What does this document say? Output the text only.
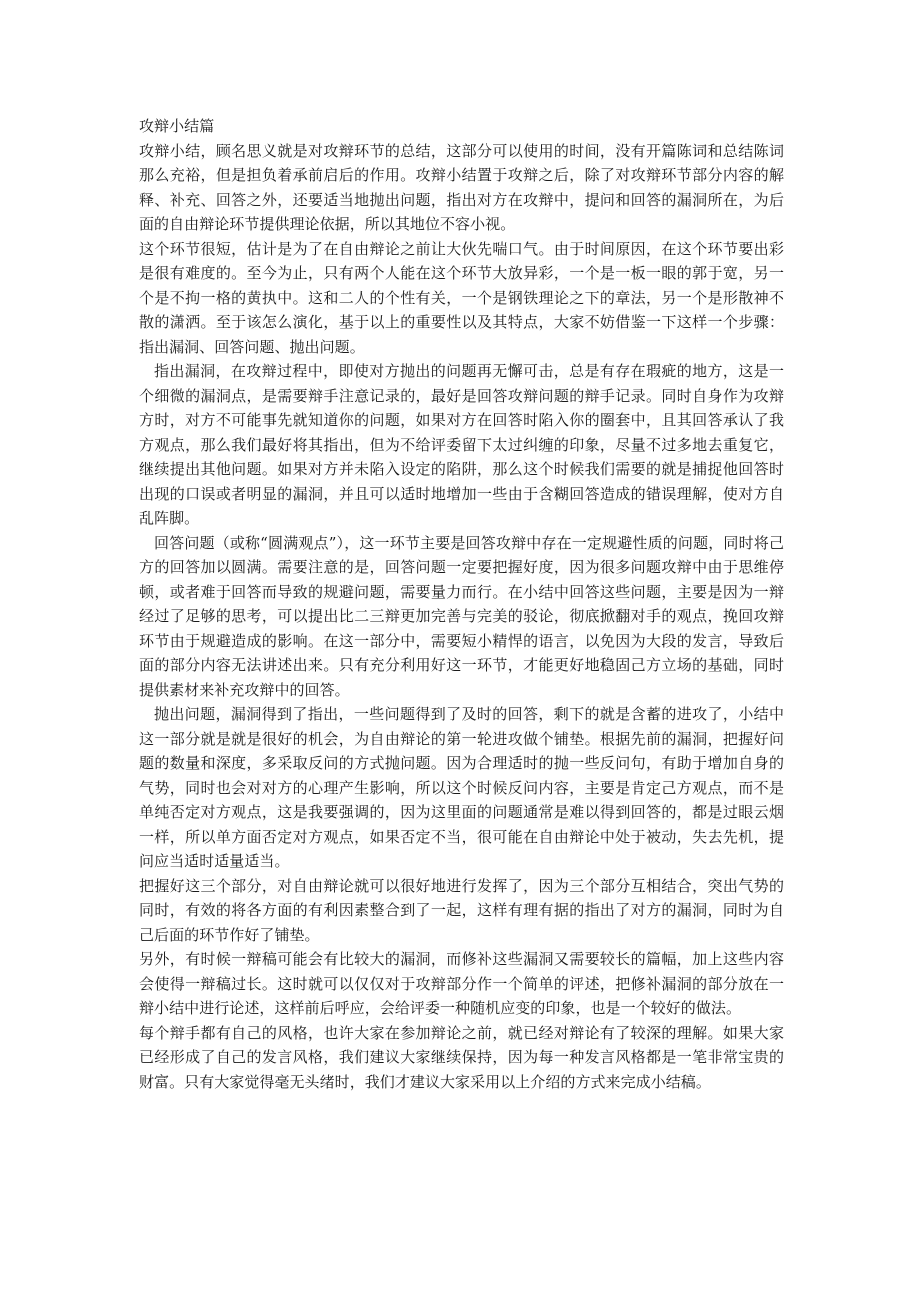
攻辩小结篇

攻辩小结，顾名思义就是对攻辩环节的总结，这部分可以使用的时间，没有开篇陈词和总结陈词那么充裕，但是担负着承前启后的作用。攻辩小结置于攻辩之后，除了对攻辩环节部分内容的解释、补充、回答之外，还要适当地抛出问题，指出对方在攻辩中，提问和回答的漏洞所在，为后面的自由辩论环节提供理论依据，所以其地位不容小视。

这个环节很短，估计是为了在自由辩论之前让大伙先喘口气。由于时间原因，在这个环节要出彩是很有难度的。至今为止，只有两个人能在这个环节大放异彩，一个是一板一眼的郭于宽，另一个是不拘一格的黄执中。这和二人的个性有关，一个是钢铁理论之下的章法，另一个是形散神不散的潇洒。至于该怎么演化，基于以上的重要性以及其特点，大家不妨借鉴一下这样一个步骤：指出漏洞、回答问题、抛出问题。

指出漏洞，在攻辩过程中，即使对方抛出的问题再无懈可击，总是有存在瑕疵的地方，这是一个细微的漏洞点，是需要辩手注意记录的，最好是回答攻辩问题的辩手记录。同时自身作为攻辩方时，对方不可能事先就知道你的问题，如果对方在回答时陷入你的圈套中，且其回答承认了我方观点，那么我们最好将其指出，但为不给评委留下太过纠缠的印象，尽量不过多地去重复它，继续提出其他问题。如果对方并未陷入设定的陷阱，那么这个时候我们需要的就是捕捉他回答时出现的口误或者明显的漏洞，并且可以适时地增加一些由于含糊回答造成的错误理解，使对方自乱阵脚。

回答问题（或称“圆满观点”），这一环节主要是回答攻辩中存在一定规避性质的问题，同时将己方的回答加以圆满。需要注意的是，回答问题一定要把握好度，因为很多问题攻辩中由于思维停顿，或者难于回答而导致的规避问题，需要量力而行。在小结中回答这些问题，主要是因为一辩经过了足够的思考，可以提出比二三辩更加完善与完美的驳论，彻底掀翻对手的观点，挽回攻辩环节由于规避造成的影响。在这一部分中，需要短小精悍的语言，以免因为大段的发言，导致后面的部分内容无法讲述出来。只有充分利用好这一环节，才能更好地稳固己方立场的基础，同时提供素材来补充攻辩中的回答。

抛出问题，漏洞得到了指出，一些问题得到了及时的回答，剩下的就是含蓄的进攻了，小结中这一部分就是就是很好的机会，为自由辩论的第一轮进攻做个铺垫。根据先前的漏洞，把握好问题的数量和深度，多采取反问的方式抛问题。因为合理适时的抛一些反问句，有助于增加自身的气势，同时也会对对方的心理产生影响，所以这个时候反问内容，主要是肯定己方观点，而不是单纯否定对方观点，这是我要强调的，因为这里面的问题通常是难以得到回答的，都是过眼云烟一样，所以单方面否定对方观点，如果否定不当，很可能在自由辩论中处于被动，失去先机，提问应当适时适量适当。

把握好这三个部分，对自由辩论就可以很好地进行发挥了，因为三个部分互相结合，突出气势的同时，有效的将各方面的有利因素整合到了一起，这样有理有据的指出了对方的漏洞，同时为自己后面的环节作好了铺垫。

另外，有时候一辩稿可能会有比较大的漏洞，而修补这些漏洞又需要较长的篇幅，加上这些内容会使得一辩稿过长。这时就可以仅仅对于攻辩部分作一个简单的评述，把修补漏洞的部分放在一辩小结中进行论述，这样前后呼应，会给评委一种随机应变的印象，也是一个较好的做法。

每个辩手都有自己的风格，也许大家在参加辩论之前，就已经对辩论有了较深的理解。如果大家已经形成了自己的发言风格，我们建议大家继续保持，因为每一种发言风格都是一笔非常宝贵的财富。只有大家觉得毫无头绪时，我们才建议大家采用以上介绍的方式来完成小结稿。
